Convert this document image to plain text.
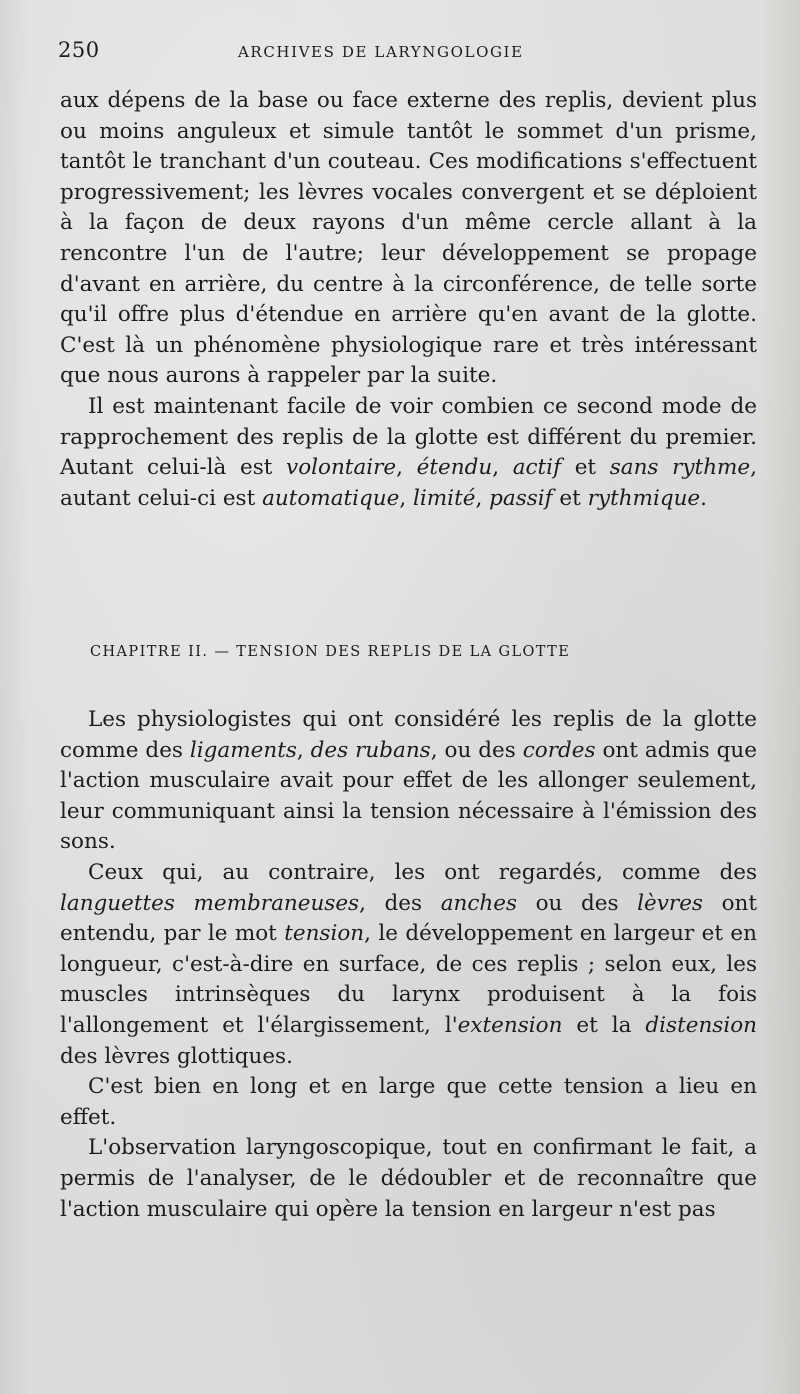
250	ARCHIVES DE LARYNGOLOGIE

aux dépens de la base ou face externe des replis, devient plus ou moins anguleux et simule tantôt le sommet d'un prisme, tantôt le tranchant d'un couteau. Ces modifications s'effectuent progressivement; les lèvres vocales convergent et se déploient à la façon de deux rayons d'un même cercle allant à la rencontre l'un de l'autre; leur développement se propage d'avant en arrière, du centre à la circonférence, de telle sorte qu'il offre plus d'étendue en arrière qu'en avant de la glotte. C'est là un phénomène physiologique rare et très intéressant que nous aurons à rappeler par la suite.

Il est maintenant facile de voir combien ce second mode de rapprochement des replis de la glotte est différent du premier. Autant celui-là est volontaire, étendu, actif et sans rythme, autant celui-ci est automatique, limité, passif et rythmique.

CHAPITRE II. — TENSION DES REPLIS DE LA GLOTTE

Les physiologistes qui ont considéré les replis de la glotte comme des ligaments, des rubans, ou des cordes ont admis que l'action musculaire avait pour effet de les allonger seulement, leur communiquant ainsi la tension nécessaire à l'émission des sons.

Ceux qui, au contraire, les ont regardés, comme des languettes membraneuses, des anches ou des lèvres ont entendu, par le mot tension, le développement en largeur et en longueur, c'est-à-dire en surface, de ces replis ; selon eux, les muscles intrinsèques du larynx produisent à la fois l'allongement et l'élargissement, l'extension et la distension des lèvres glottiques.

C'est bien en long et en large que cette tension a lieu en effet.

L'observation laryngoscopique, tout en confirmant le fait, a permis de l'analyser, de le dédoubler et de reconnaître que l'action musculaire qui opère la tension en largeur n'est pas
